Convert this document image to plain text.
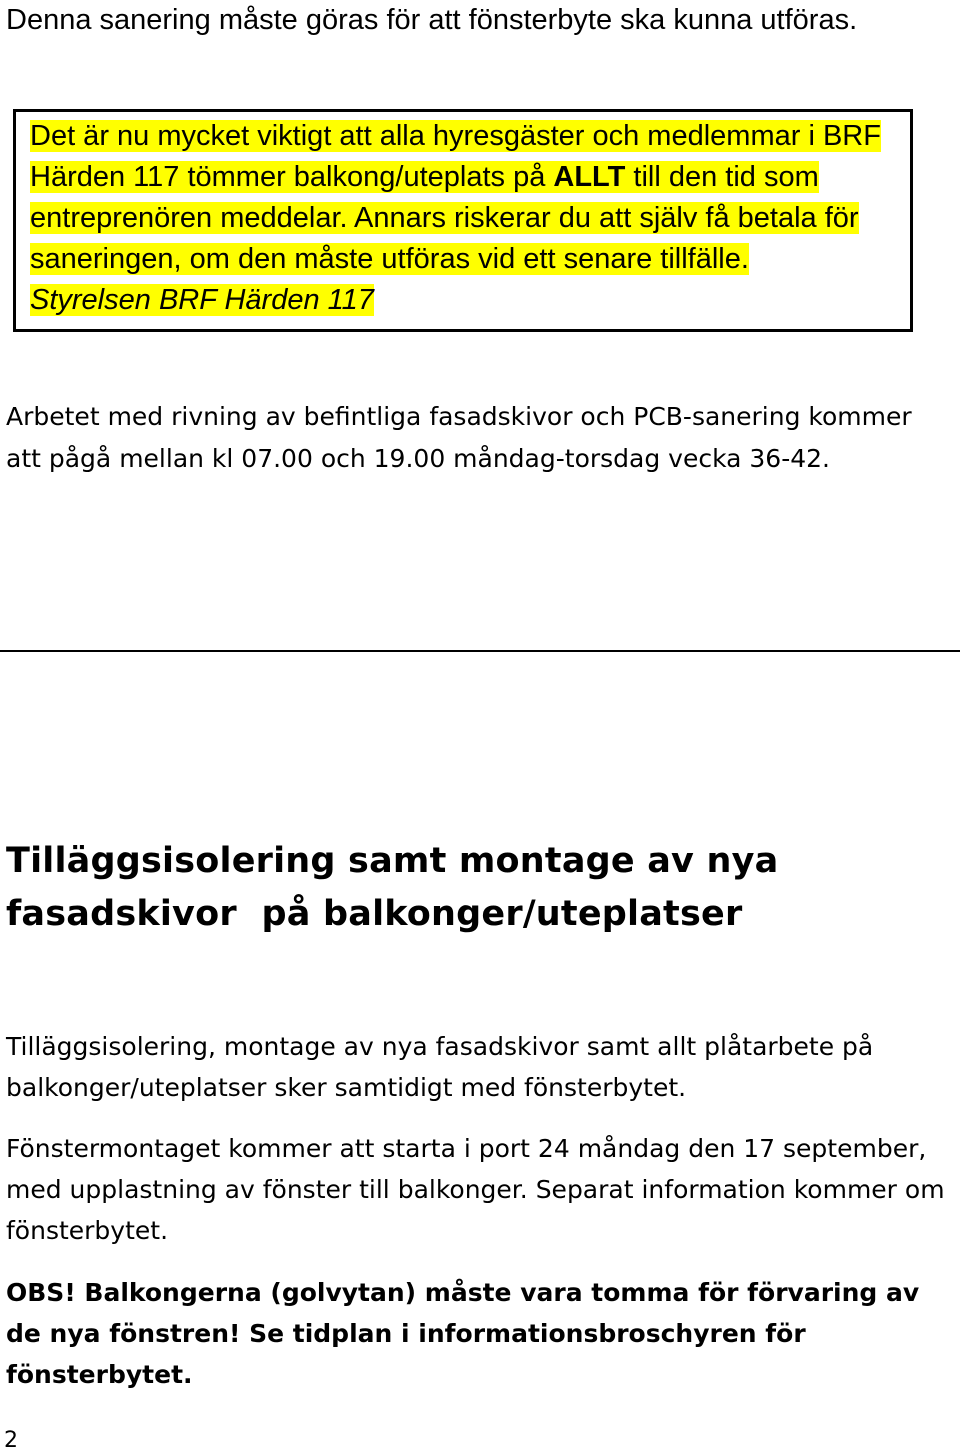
Denna sanering måste göras för att fönsterbyte ska kunna utföras.
Det är nu mycket viktigt att alla hyresgäster och medlemmar i BRF
Härden 117 tömmer balkong/uteplats på ALLT till den tid som
entreprenören meddelar. Annars riskerar du att själv få betala för
saneringen, om den måste utföras vid ett senare tillfälle.
Styrelsen BRF Härden 117

Arbetet med rivning av befintliga fasadskivor och PCB-sanering kommer att pågå mellan kl 07.00 och 19.00 måndag-torsdag vecka 36-42.

Tilläggsisolering samt montage av nya
fasadskivor  på balkonger/uteplatser

Tilläggsisolering, montage av nya fasadskivor samt allt plåtarbete på balkonger/uteplatser sker samtidigt med fönsterbytet.

Fönstermontaget kommer att starta i port 24 måndag den 17 september, med upplastning av fönster till balkonger. Separat information kommer om fönsterbytet.

OBS! Balkongerna (golvytan) måste vara tomma för förvaring av de nya fönstren! Se tidplan i informationsbroschyren för fönsterbytet.

2
